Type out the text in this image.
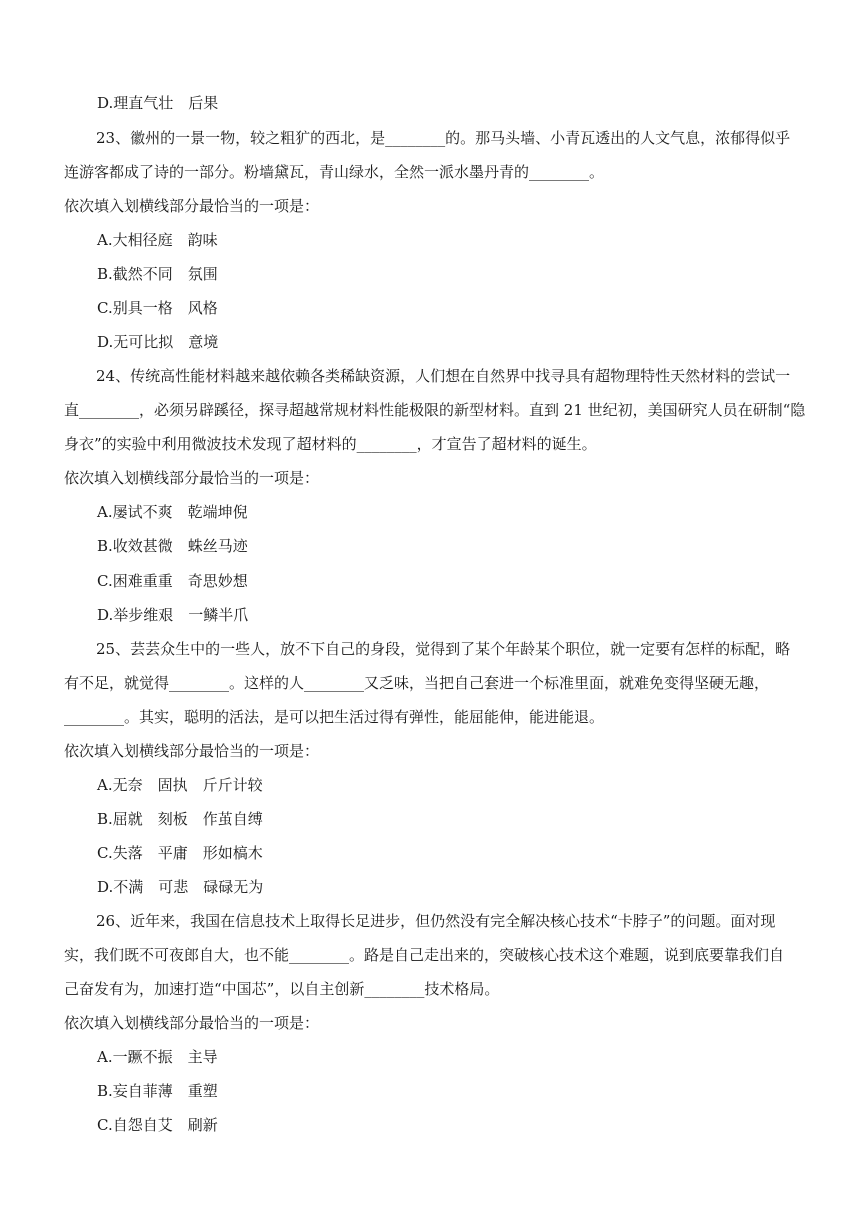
D.理直气壮　后果
23、徽州的一景一物，较之粗犷的西北，是________的。那马头墙、小青瓦透出的人文气息，浓郁得似乎
连游客都成了诗的一部分。粉墙黛瓦，青山绿水，全然一派水墨丹青的________。
依次填入划横线部分最恰当的一项是：
A.大相径庭　韵味
B.截然不同　氛围
C.别具一格　风格
D.无可比拟　意境
24、传统高性能材料越来越依赖各类稀缺资源，人们想在自然界中找寻具有超物理特性天然材料的尝试一
直________，必须另辟蹊径，探寻超越常规材料性能极限的新型材料。直到 21 世纪初，美国研究人员在研制“隐
身衣”的实验中利用微波技术发现了超材料的________，才宣告了超材料的诞生。
依次填入划横线部分最恰当的一项是：
A.屡试不爽　乾端坤倪
B.收效甚微　蛛丝马迹
C.困难重重　奇思妙想
D.举步维艰　一鳞半爪
25、芸芸众生中的一些人，放不下自己的身段，觉得到了某个年龄某个职位，就一定要有怎样的标配，略
有不足，就觉得________。这样的人________又乏味，当把自己套进一个标准里面，就难免变得坚硬无趣，
________。其实，聪明的活法，是可以把生活过得有弹性，能屈能伸，能进能退。
依次填入划横线部分最恰当的一项是：
A.无奈　固执　斤斤计较
B.屈就　刻板　作茧自缚
C.失落　平庸　形如槁木
D.不满　可悲　碌碌无为
26、近年来，我国在信息技术上取得长足进步，但仍然没有完全解决核心技术“卡脖子”的问题。面对现
实，我们既不可夜郎自大，也不能________。路是自己走出来的，突破核心技术这个难题，说到底要靠我们自
己奋发有为，加速打造“中国芯”，以自主创新________技术格局。
依次填入划横线部分最恰当的一项是：
A.一蹶不振　主导
B.妄自菲薄　重塑
C.自怨自艾　刷新
